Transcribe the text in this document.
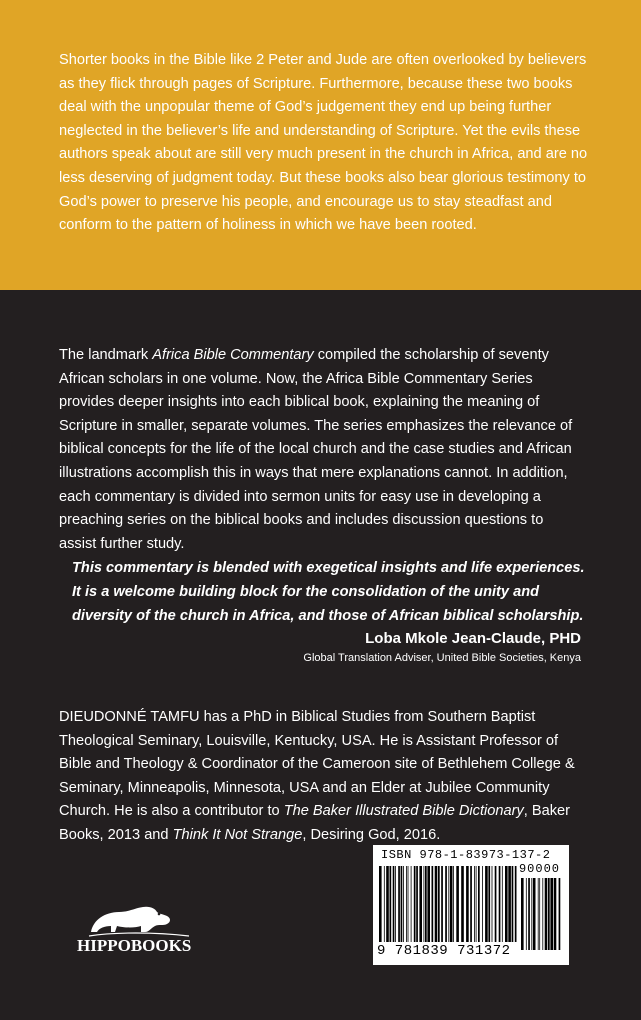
Shorter books in the Bible like 2 Peter and Jude are often overlooked by believers as they flick through pages of Scripture. Furthermore, because these two books deal with the unpopular theme of God’s judgement they end up being further neglected in the believer’s life and understanding of Scripture. Yet the evils these authors speak about are still very much present in the church in Africa, and are no less deserving of judgment today. But these books also bear glorious testimony to God’s power to preserve his people, and encourage us to stay steadfast and conform to the pattern of holiness in which we have been rooted.

The landmark Africa Bible Commentary compiled the scholarship of seventy African scholars in one volume. Now, the Africa Bible Commentary Series provides deeper insights into each biblical book, explaining the meaning of Scripture in smaller, separate volumes. The series emphasizes the relevance of biblical concepts for the life of the local church and the case studies and African illustrations accomplish this in ways that mere explanations cannot. In addition, each commentary is divided into sermon units for easy use in developing a preaching series on the biblical books and includes discussion questions to assist further study.

This commentary is blended with exegetical insights and life experiences. It is a welcome building block for the consolidation of the unity and diversity of the church in Africa, and those of African biblical scholarship.

Loba Mkole Jean-Claude, PHD
Global Translation Adviser, United Bible Societies, Kenya

DIEUDONNÉ TAMFU has a PhD in Biblical Studies from Southern Baptist Theological Seminary, Louisville, Kentucky, USA. He is Assistant Professor of Bible and Theology & Coordinator of the Cameroon site of Bethlehem College & Seminary, Minneapolis, Minnesota, USA and an Elder at Jubilee Community Church. He is also a contributor to The Baker Illustrated Bible Dictionary, Baker Books, 2013 and Think It Not Strange, Desiring God, 2016.

HIPPOBOOKS
ISBN 978-1-83973-137-2
90000
9 781839 731372
